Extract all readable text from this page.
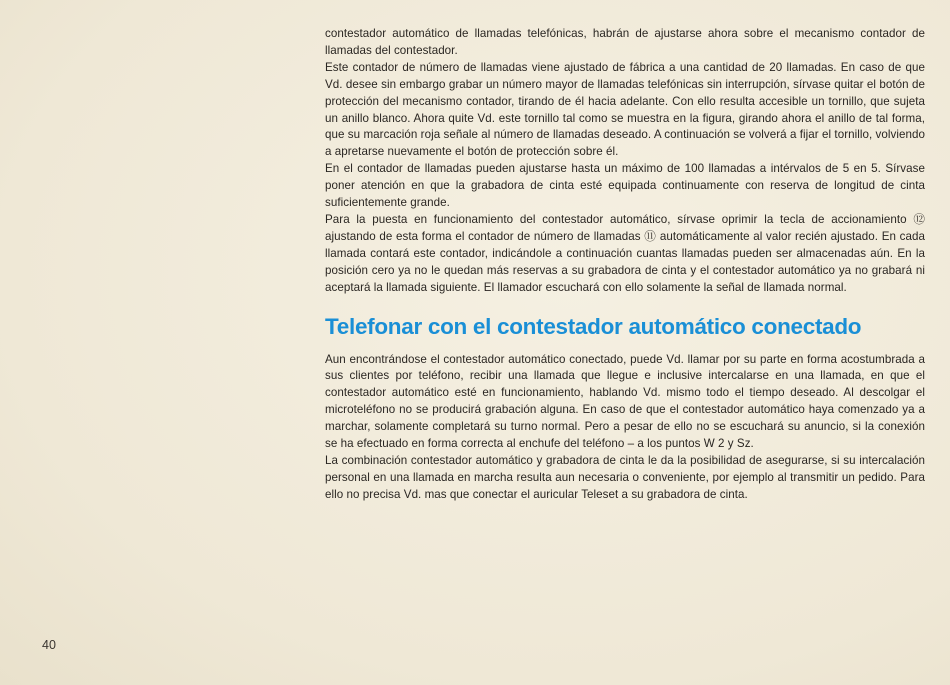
contestador automático de llamadas telefónicas, habrán de ajustarse ahora sobre el mecanismo contador de llamadas del contestador.

Este contador de número de llamadas viene ajustado de fábrica a una cantidad de 20 llamadas. En caso de que Vd. desee sin embargo grabar un número mayor de llamadas telefónicas sin interrupción, sírvase quitar el botón de protección del mecanismo contador, tirando de él hacia adelante. Con ello resulta accesible un tornillo, que sujeta un anillo blanco. Ahora quite Vd. este tornillo tal como se muestra en la figura, girando ahora el anillo de tal forma, que su marcación roja señale al número de llamadas deseado. A continuación se volverá a fijar el tornillo, volviendo a apretarse nuevamente el botón de protección sobre él.

En el contador de llamadas pueden ajustarse hasta un máximo de 100 llamadas a intérvalos de 5 en 5. Sírvase poner atención en que la grabadora de cinta esté equipada continuamente con reserva de longitud de cinta suficientemente grande.

Para la puesta en funcionamiento del contestador automático, sírvase oprimir la tecla de accionamiento ⑫ ajustando de esta forma el contador de número de llamadas ⑪ automáticamente al valor recién ajustado. En cada llamada contará este contador, indicándole a continuación cuantas llamadas pueden ser almacenadas aún. En la posición cero ya no le quedan más reservas a su grabadora de cinta y el contestador automático ya no grabará ni aceptará la llamada siguiente. El llamador escuchará con ello solamente la señal de llamada normal.

Telefonar con el contestador automático conectado

Aun encontrándose el contestador automático conectado, puede Vd. llamar por su parte en forma acostumbrada a sus clientes por teléfono, recibir una llamada que llegue e inclusive intercalarse en una llamada, en que el contestador automático esté en funcionamiento, hablando Vd. mismo todo el tiempo deseado. Al descolgar el microteléfono no se producirá grabación alguna. En caso de que el contestador automático haya comenzado ya a marchar, solamente completará su turno normal. Pero a pesar de ello no se escuchará su anuncio, si la conexión se ha efectuado en forma correcta al enchufe del teléfono – a los puntos W 2 y Sz.

La combinación contestador automático y grabadora de cinta le da la posibilidad de asegurarse, si su intercalación personal en una llamada en marcha resulta aun necesaria o conveniente, por ejemplo al transmitir un pedido. Para ello no precisa Vd. mas que conectar el auricular Teleset a su grabadora de cinta.

40
